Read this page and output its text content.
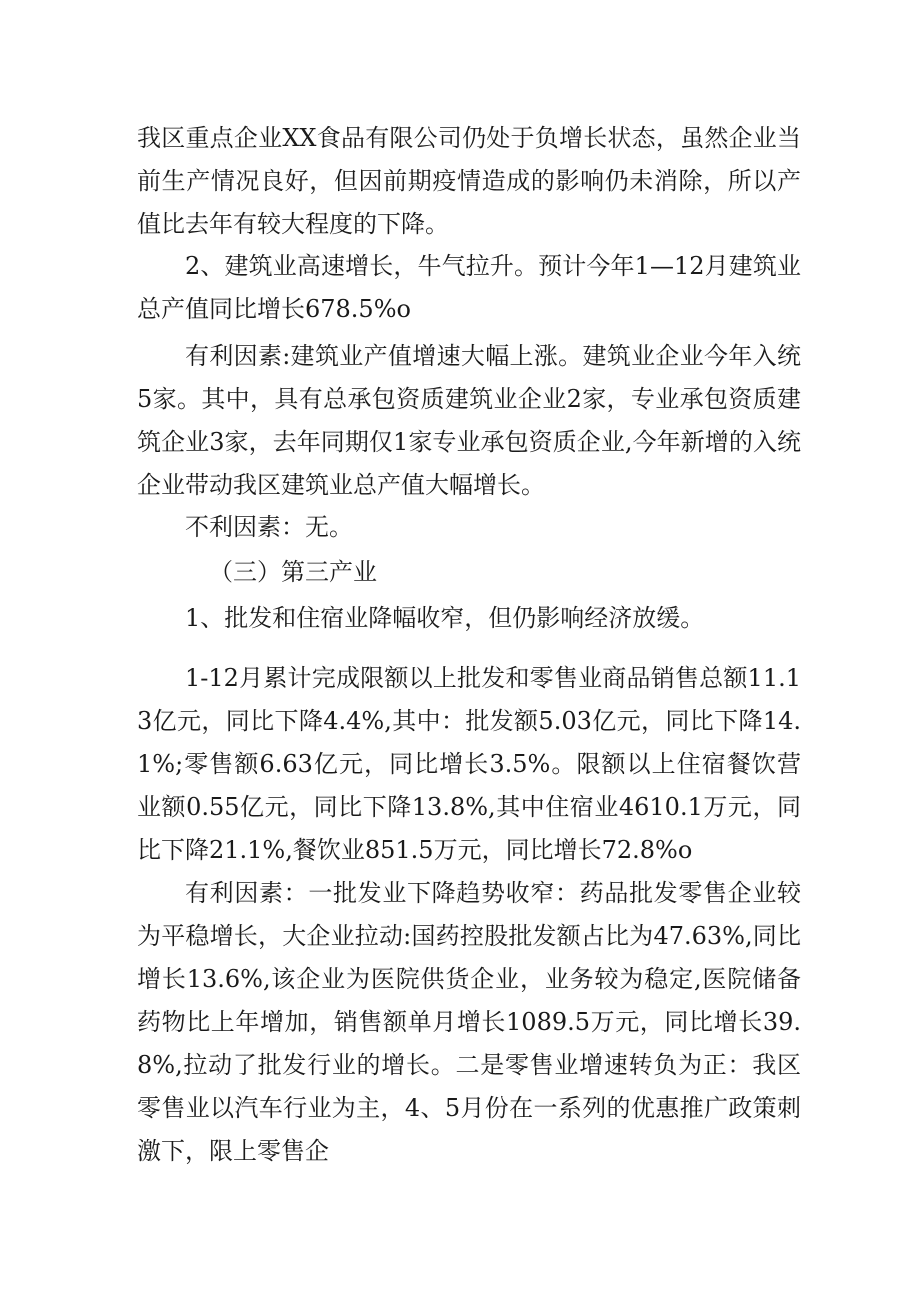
我区重点企业XX食品有限公司仍处于负增长状态，虽然企业当前生产情况良好，但因前期疫情造成的影响仍未消除，所以产值比去年有较大程度的下降。

2、建筑业高速增长，牛气拉升。预计今年1—12月建筑业总产值同比增长678.5%o

有利因素:建筑业产值增速大幅上涨。建筑业企业今年入统5家。其中，具有总承包资质建筑业企业2家，专业承包资质建筑企业3家，去年同期仅1家专业承包资质企业,今年新增的入统企业带动我区建筑业总产值大幅增长。

不利因素：无。

（三）第三产业

1、批发和住宿业降幅收窄，但仍影响经济放缓。

1-12月累计完成限额以上批发和零售业商品销售总额11.13亿元，同比下降4.4%,其中：批发额5.03亿元，同比下降14.1%;零售额6.63亿元，同比增长3.5%。限额以上住宿餐饮营业额0.55亿元，同比下降13.8%,其中住宿业4610.1万元，同比下降21.1%,餐饮业851.5万元，同比增长72.8%o

有利因素：一批发业下降趋势收窄：药品批发零售企业较为平稳增长，大企业拉动:国药控股批发额占比为47.63%,同比增长13.6%,该企业为医院供货企业，业务较为稳定,医院储备药物比上年增加，销售额单月增长1089.5万元，同比增长39.8%,拉动了批发行业的增长。二是零售业增速转负为正：我区零售业以汽车行业为主，4、5月份在一系列的优惠推广政策刺激下，限上零售企
